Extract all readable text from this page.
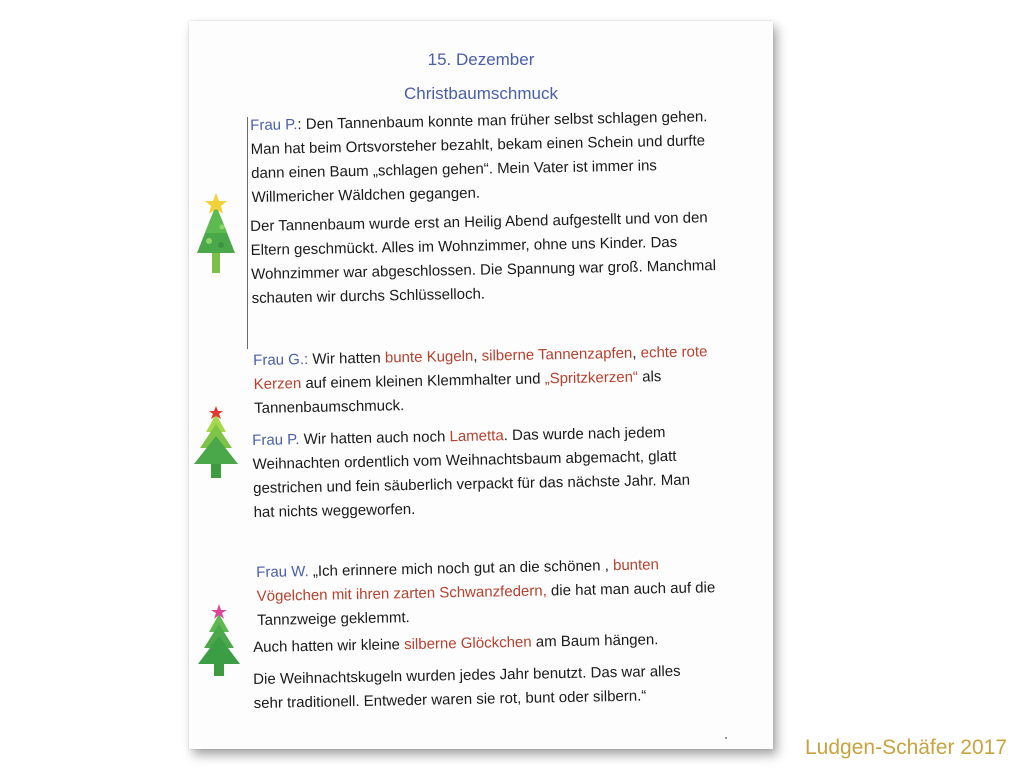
15. Dezember
Christbaumschmuck
Frau P.: Den Tannenbaum konnte man früher selbst schlagen gehen. Man hat beim Ortsvorsteher bezahlt, bekam einen Schein und durfte dann einen Baum „schlagen gehen“. Mein Vater ist immer ins Willmericher Wäldchen gegangen.
Der Tannenbaum wurde erst an Heilig Abend aufgestellt und von den Eltern geschmückt. Alles im Wohnzimmer, ohne uns Kinder. Das Wohnzimmer war abgeschlossen. Die Spannung war groß. Manchmal schauten wir durchs Schlüsselloch.
Frau G.: Wir hatten bunte Kugeln, silberne Tannenzapfen, echte rote Kerzen auf einem kleinen Klemmhalter und „Spritzkerzen“ als Tannenbaumschmuck.
Frau P. Wir hatten auch noch Lametta. Das wurde nach jedem Weihnachten ordentlich vom Weihnachtsbaum abgemacht, glatt gestrichen und fein säuberlich verpackt für das nächste Jahr. Man hat nichts weggeworfen.
Frau W. „Ich erinnere mich noch gut an die schönen , bunten Vögelchen mit ihren zarten Schwanzfedern, die hat man auch auf die Tannzweige geklemmt.
Auch hatten wir kleine silberne Glöckchen am Baum hängen.
Die Weihnachtskugeln wurden jedes Jahr benutzt. Das war alles sehr traditionell. Entweder waren sie rot, bunt oder silbern.“
Ludgen-Schäfer 2017
